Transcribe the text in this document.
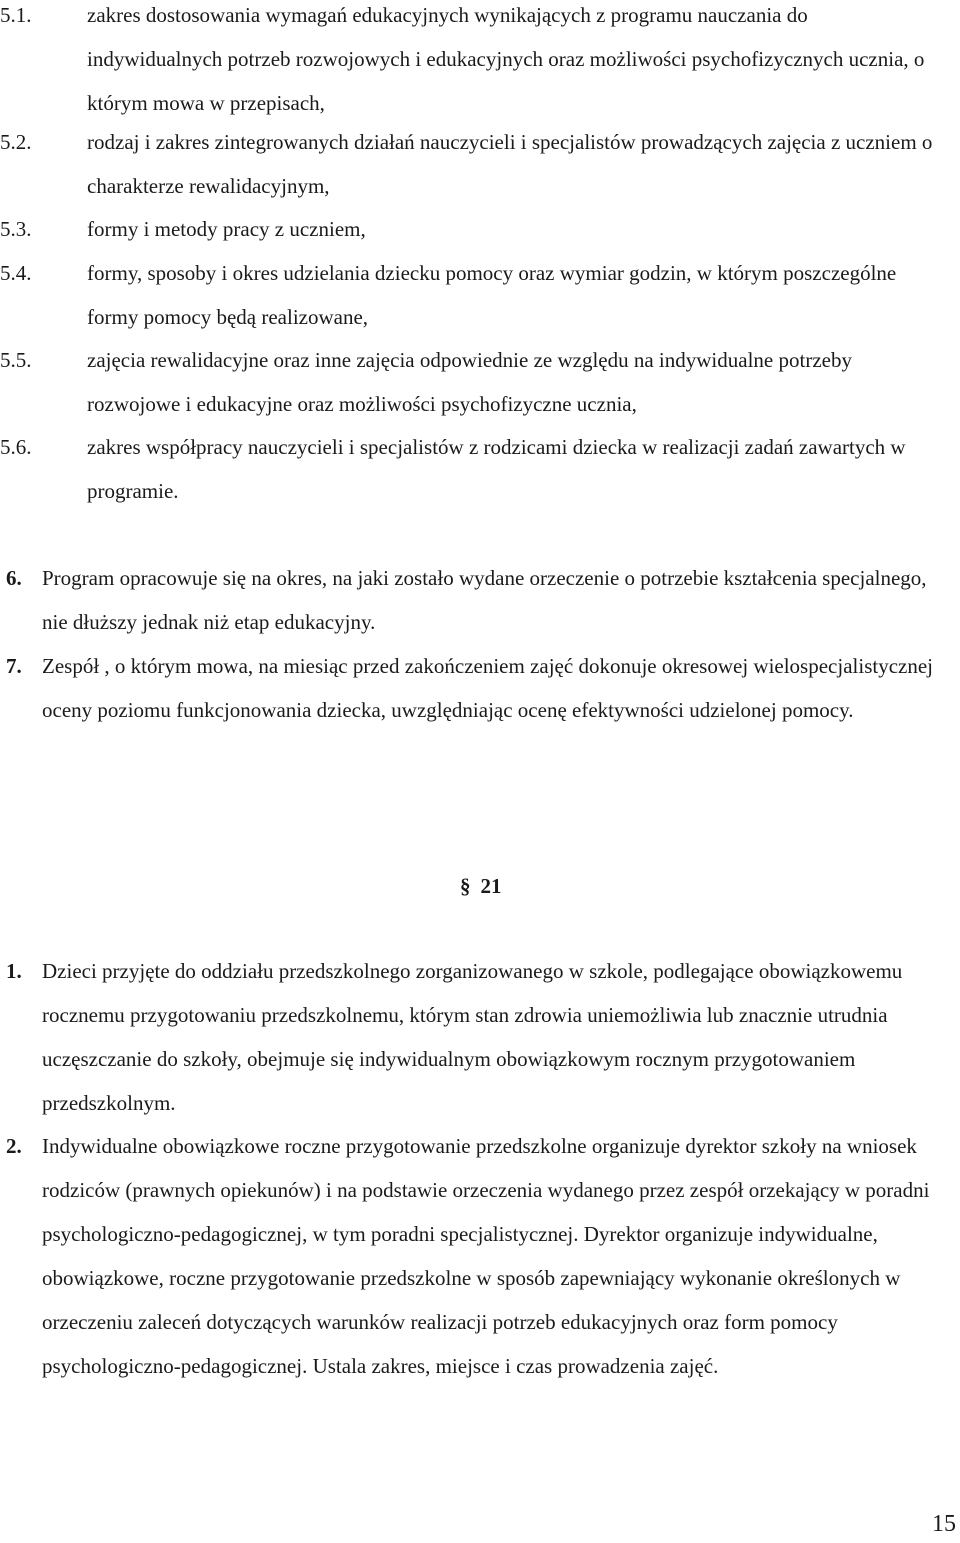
5.1.	zakres dostosowania wymagań edukacyjnych wynikających z programu nauczania do indywidualnych potrzeb rozwojowych i edukacyjnych oraz możliwości psychofizycznych ucznia, o którym mowa w przepisach,
5.2.	rodzaj i zakres zintegrowanych działań nauczycieli i specjalistów prowadzących zajęcia z uczniem o charakterze rewalidacyjnym,
5.3.	formy i metody pracy z uczniem,
5.4.	formy, sposoby i okres udzielania dziecku pomocy oraz wymiar godzin, w którym poszczególne formy pomocy będą realizowane,
5.5.	zajęcia rewalidacyjne oraz inne zajęcia odpowiednie ze względu na indywidualne potrzeby rozwojowe i edukacyjne oraz możliwości psychofizyczne ucznia,
5.6.	zakres współpracy nauczycieli i specjalistów z rodzicami dziecka w realizacji zadań zawartych w programie.
6. Program opracowuje się na okres, na jaki zostało wydane orzeczenie o potrzebie kształcenia specjalnego, nie dłuższy jednak niż etap edukacyjny.
7. Zespół , o którym mowa, na miesiąc przed zakończeniem zajęć dokonuje okresowej wielospecjalistycznej oceny poziomu funkcjonowania dziecka, uwzględniając ocenę efektywności udzielonej pomocy.
§ 21
1. Dzieci przyjęte do oddziału przedszkolnego zorganizowanego w szkole, podlegające obowiązkowemu rocznemu przygotowaniu przedszkolnemu, którym stan zdrowia uniemożliwia lub znacznie utrudnia uczęszczanie do szkoły, obejmuje się indywidualnym obowiązkowym rocznym przygotowaniem przedszkolnym.
2. Indywidualne obowiązkowe roczne przygotowanie przedszkolne organizuje dyrektor szkoły na wniosek rodziców (prawnych opiekunów) i na podstawie orzeczenia wydanego przez zespół orzekający w poradni psychologiczno-pedagogicznej, w tym poradni specjalistycznej. Dyrektor organizuje indywidualne, obowiązkowe, roczne przygotowanie przedszkolne w sposób zapewniający wykonanie określonych w orzeczeniu zaleceń dotyczących warunków realizacji potrzeb edukacyjnych oraz form pomocy psychologiczno-pedagogicznej. Ustala zakres, miejsce i czas prowadzenia zajęć.
15
